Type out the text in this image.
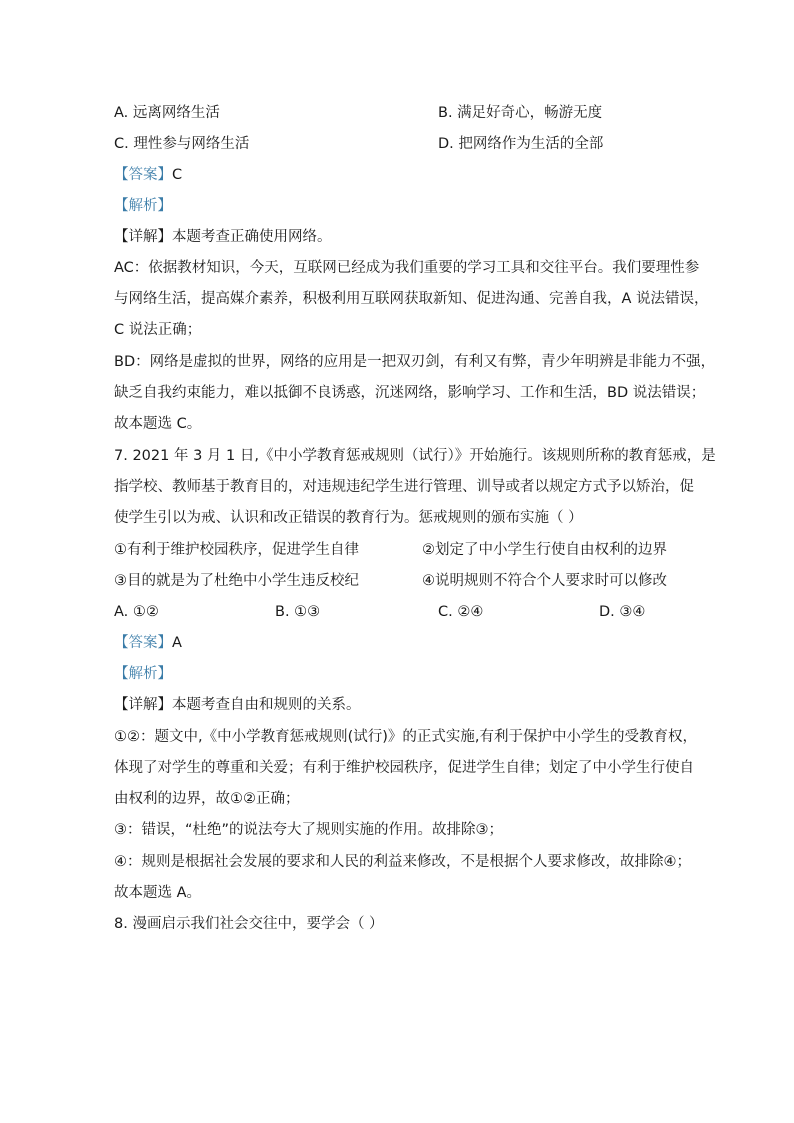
A. 远离网络生活	B. 满足好奇心，畅游无度
C. 理性参与网络生活	D. 把网络作为生活的全部
【答案】C
【解析】
【详解】本题考查正确使用网络。
AC：依据教材知识，今天，互联网已经成为我们重要的学习工具和交往平台。我们要理性参
与网络生活，提高媒介素养，积极利用互联网获取新知、促进沟通、完善自我，A 说法错误，
C 说法正确；
BD：网络是虚拟的世界，网络的应用是一把双刃剑，有利又有弊，青少年明辨是非能力不强，
缺乏自我约束能力，难以抵御不良诱惑，沉迷网络，影响学习、工作和生活，BD 说法错误；
故本题选 C。
7. 2021 年 3 月 1 日,《中小学教育惩戒规则（试行）》开始施行。该规则所称的教育惩戒，是
指学校、教师基于教育目的，对违规违纪学生进行管理、训导或者以规定方式予以矫治，促
使学生引以为戒、认识和改正错误的教育行为。惩戒规则的颁布实施（ ）
①有利于维护校园秩序，促进学生自律	②划定了中小学生行使自由权利的边界
③目的就是为了杜绝中小学生违反校纪	④说明规则不符合个人要求时可以修改
A. ①②	B. ①③	C. ②④	D. ③④
【答案】A
【解析】
【详解】本题考查自由和规则的关系。
①②：题文中,《中小学教育惩戒规则(试行)》的正式实施,有利于保护中小学生的受教育权，
体现了对学生的尊重和关爱；有利于维护校园秩序，促进学生自律；划定了中小学生行使自
由权利的边界，故①②正确；
③：错误，“杜绝”的说法夸大了规则实施的作用。故排除③；
④：规则是根据社会发展的要求和人民的利益来修改，不是根据个人要求修改，故排除④；
故本题选 A。
8. 漫画启示我们社会交往中，要学会（ ）
